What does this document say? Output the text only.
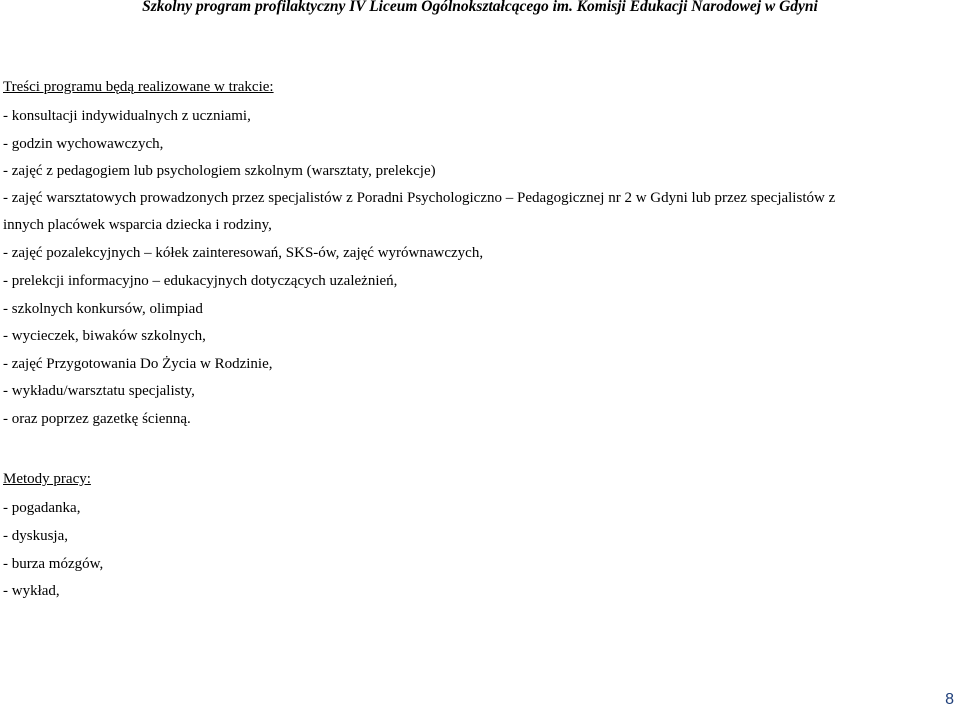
Szkolny program profilaktyczny IV Liceum Ogólnokształcącego im. Komisji Edukacji Narodowej w Gdyni
Treści programu będą realizowane w trakcie:
- konsultacji indywidualnych z uczniami,
- godzin wychowawczych,
- zajęć z pedagogiem lub psychologiem szkolnym (warsztaty, prelekcje)
- zajęć warsztatowych prowadzonych przez specjalistów z Poradni Psychologiczno – Pedagogicznej nr 2 w Gdyni lub przez specjalistów z
innych placówek wsparcia dziecka i rodziny,
- zajęć pozalekcyjnych – kółek zainteresowań, SKS-ów, zajęć wyrównawczych,
- prelekcji informacyjno – edukacyjnych dotyczących uzależnień,
- szkolnych konkursów, olimpiad
- wycieczek, biwaków szkolnych,
- zajęć Przygotowania Do Życia w Rodzinie,
- wykładu/warsztatu specjalisty,
- oraz poprzez gazetkę ścienną.
Metody pracy:
- pogadanka,
- dyskusja,
- burza mózgów,
- wykład,
8
